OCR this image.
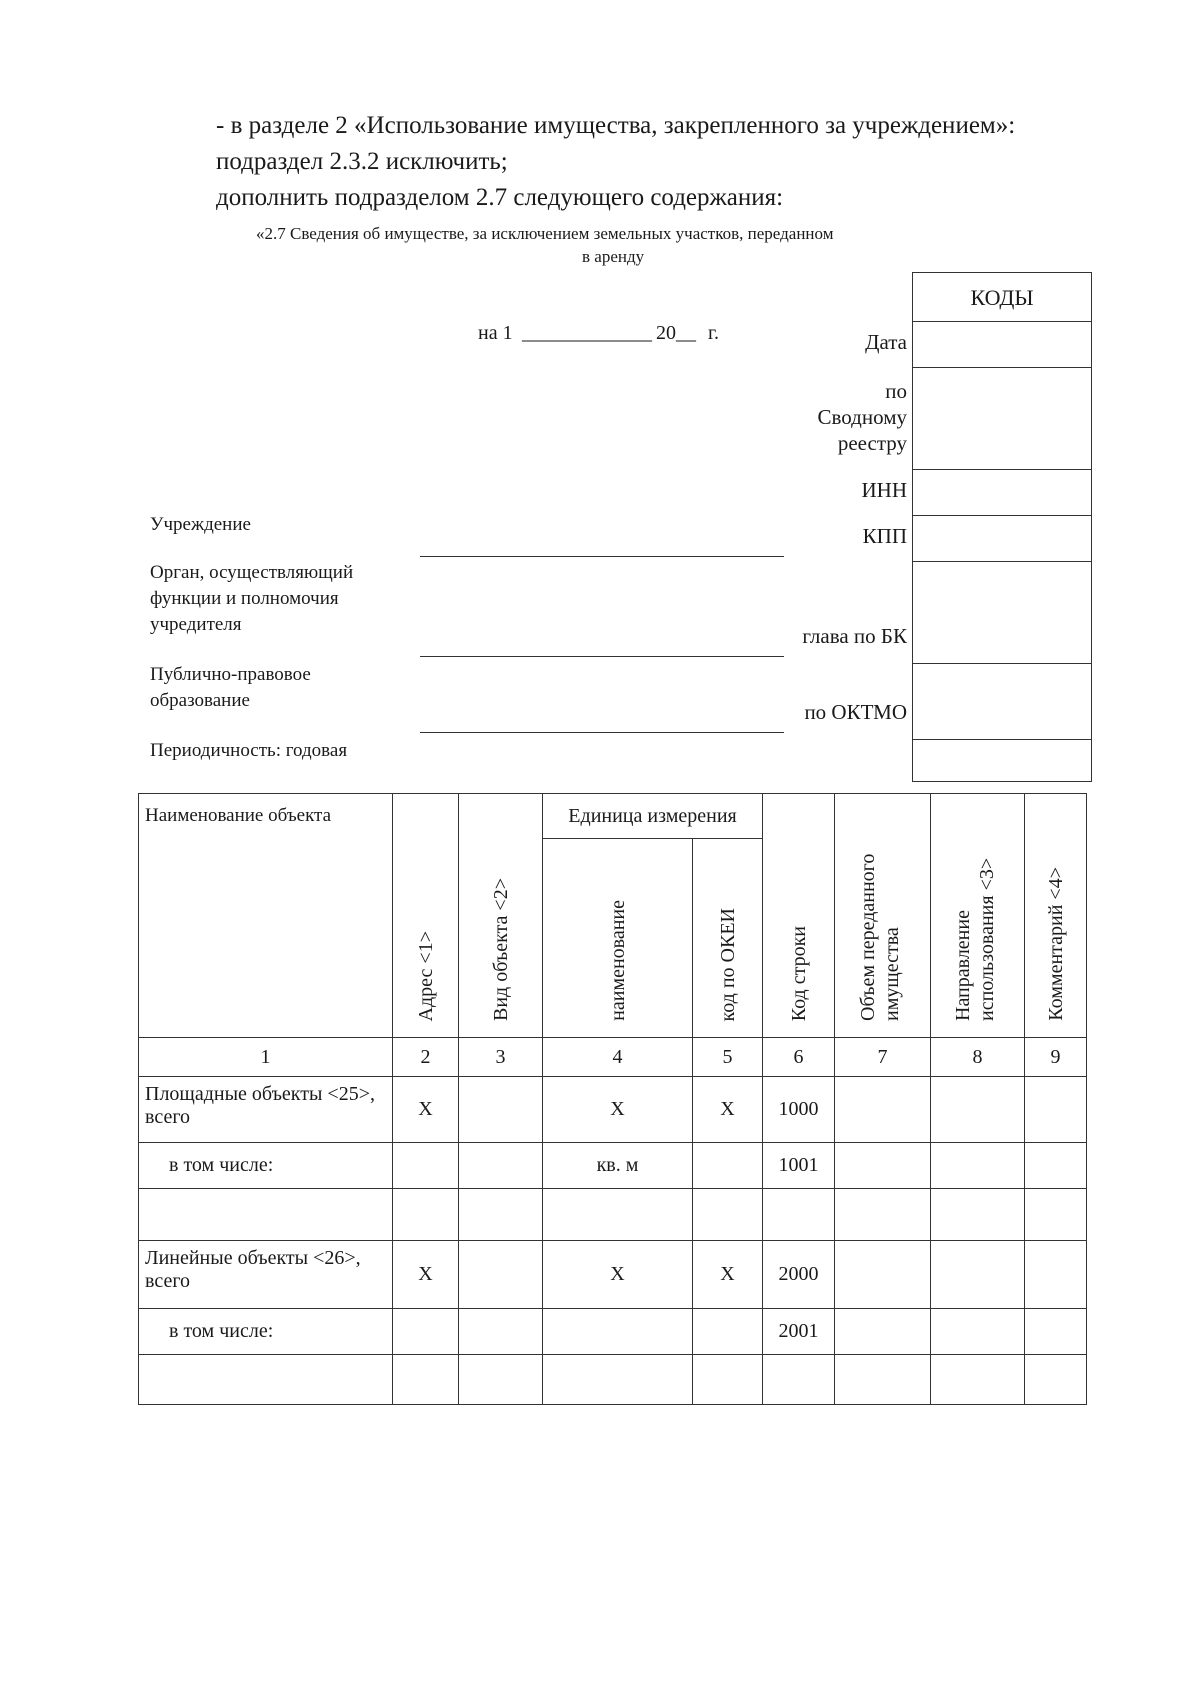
- в разделе 2 «Использование имущества, закрепленного за учреждением»:
подраздел 2.3.2 исключить;
дополнить подразделом 2.7 следующего содержания:
«2.7 Сведения об имуществе, за исключением земельных участков, переданном
в аренду
на 1 _____________ 20__ г.
КОДЫ
Дата
по
Сводному
реестру
ИНН
КПП
глава по БК
по ОКТМО
Учреждение
Орган, осуществляющий
функции и полномочия
учредителя
Публично-правовое
образование
Периодичность: годовая
Наименование объекта	Адрес <1>	Вид объекта <2>	Единица измерения		Код строки	Объем переданного имущества	Направление использования <3>	Комментарий <4>
			наименование	код по ОКЕИ				
1	2	3	4	5	6	7	8	9
Площадные объекты <25>, всего	X		X	X	1000			
в том числе:			кв. м		1001			

Линейные объекты <26>, всего	X		X	X	2000			
в том числе:					2001			
